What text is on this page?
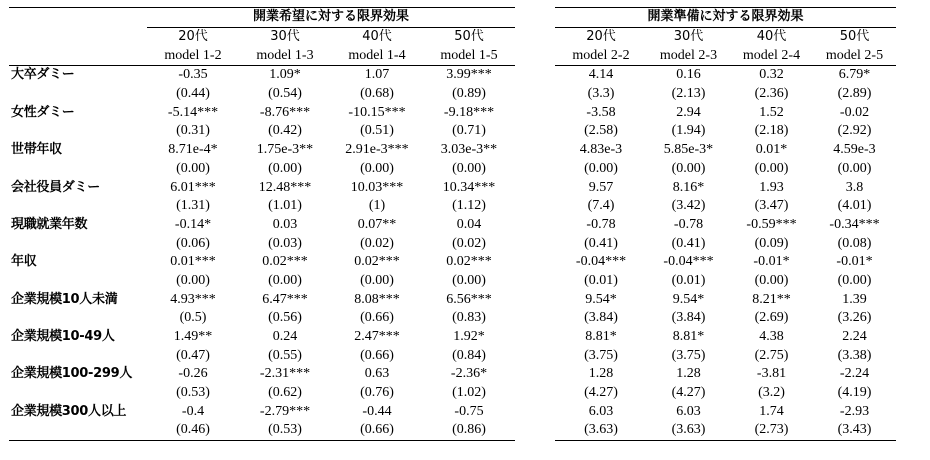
	開業希望に対する限界効果					開業準備に対する限界効果			
	20代	30代	40代	50代		20代	30代	40代	50代
	model 1-2	model 1-3	model 1-4	model 1-5		model 2-2	model 2-3	model 2-4	model 2-5
大卒ダミー	-0.35	1.09*	1.07	3.99***		4.14	0.16	0.32	6.79*
	(0.44)	(0.54)	(0.68)	(0.89)		(3.3)	(2.13)	(2.36)	(2.89)
女性ダミー	-5.14***	-8.76***	-10.15***	-9.18***		-3.58	2.94	1.52	-0.02
	(0.31)	(0.42)	(0.51)	(0.71)		(2.58)	(1.94)	(2.18)	(2.92)
世帯年収	8.71e-4*	1.75e-3**	2.91e-3***	3.03e-3**		4.83e-3	5.85e-3*	0.01*	4.59e-3
	(0.00)	(0.00)	(0.00)	(0.00)		(0.00)	(0.00)	(0.00)	(0.00)
会社役員ダミー	6.01***	12.48***	10.03***	10.34***		9.57	8.16*	1.93	3.8
	(1.31)	(1.01)	(1)	(1.12)		(7.4)	(3.42)	(3.47)	(4.01)
現職就業年数	-0.14*	0.03	0.07**	0.04		-0.78	-0.78	-0.59***	-0.34***
	(0.06)	(0.03)	(0.02)	(0.02)		(0.41)	(0.41)	(0.09)	(0.08)
年収	0.01***	0.02***	0.02***	0.02***		-0.04***	-0.04***	-0.01*	-0.01*
	(0.00)	(0.00)	(0.00)	(0.00)		(0.01)	(0.01)	(0.00)	(0.00)
企業規模10人未満	4.93***	6.47***	8.08***	6.56***		9.54*	9.54*	8.21**	1.39
	(0.5)	(0.56)	(0.66)	(0.83)		(3.84)	(3.84)	(2.69)	(3.26)
企業規模10-49人	1.49**	0.24	2.47***	1.92*		8.81*	8.81*	4.38	2.24
	(0.47)	(0.55)	(0.66)	(0.84)		(3.75)	(3.75)	(2.75)	(3.38)
企業規模100-299人	-0.26	-2.31***	0.63	-2.36*		1.28	1.28	-3.81	-2.24
	(0.53)	(0.62)	(0.76)	(1.02)		(4.27)	(4.27)	(3.2)	(4.19)
企業規模300人以上	-0.4	-2.79***	-0.44	-0.75		6.03	6.03	1.74	-2.93
	(0.46)	(0.53)	(0.66)	(0.86)		(3.63)	(3.63)	(2.73)	(3.43)
